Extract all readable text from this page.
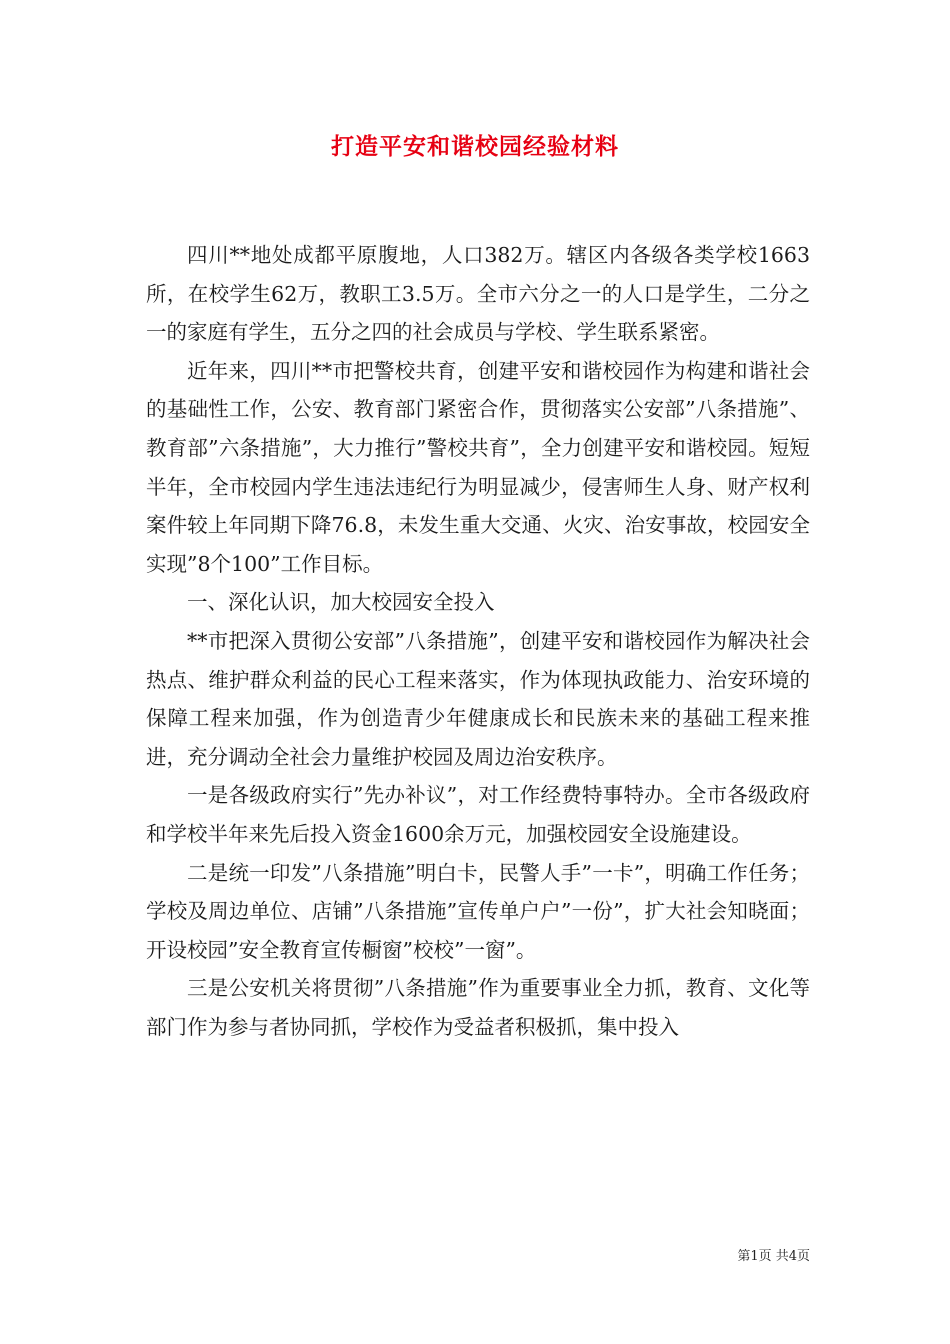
打造平安和谐校园经验材料

四川**地处成都平原腹地，人口382万。辖区内各级各类学校1663所，在校学生62万，教职工3.5万。全市六分之一的人口是学生，二分之一的家庭有学生，五分之四的社会成员与学校、学生联系紧密。

近年来，四川**市把警校共育，创建平安和谐校园作为构建和谐社会的基础性工作，公安、教育部门紧密合作，贯彻落实公安部”八条措施”、教育部”六条措施”，大力推行”警校共育”，全力创建平安和谐校园。短短半年，全市校园内学生违法违纪行为明显减少，侵害师生人身、财产权利案件较上年同期下降76.8，未发生重大交通、火灾、治安事故，校园安全实现”8个100”工作目标。

一、深化认识，加大校园安全投入

**市把深入贯彻公安部”八条措施”，创建平安和谐校园作为解决社会热点、维护群众利益的民心工程来落实，作为体现执政能力、治安环境的保障工程来加强，作为创造青少年健康成长和民族未来的基础工程来推进，充分调动全社会力量维护校园及周边治安秩序。

一是各级政府实行”先办补议”，对工作经费特事特办。全市各级政府和学校半年来先后投入资金1600余万元，加强校园安全设施建设。

二是统一印发”八条措施”明白卡，民警人手”一卡”，明确工作任务；学校及周边单位、店铺”八条措施”宣传单户户”一份”，扩大社会知晓面；开设校园”安全教育宣传橱窗”校校”一窗”。

三是公安机关将贯彻”八条措施”作为重要事业全力抓，教育、文化等部门作为参与者协同抓，学校作为受益者积极抓，集中投入

第1页 共4页
